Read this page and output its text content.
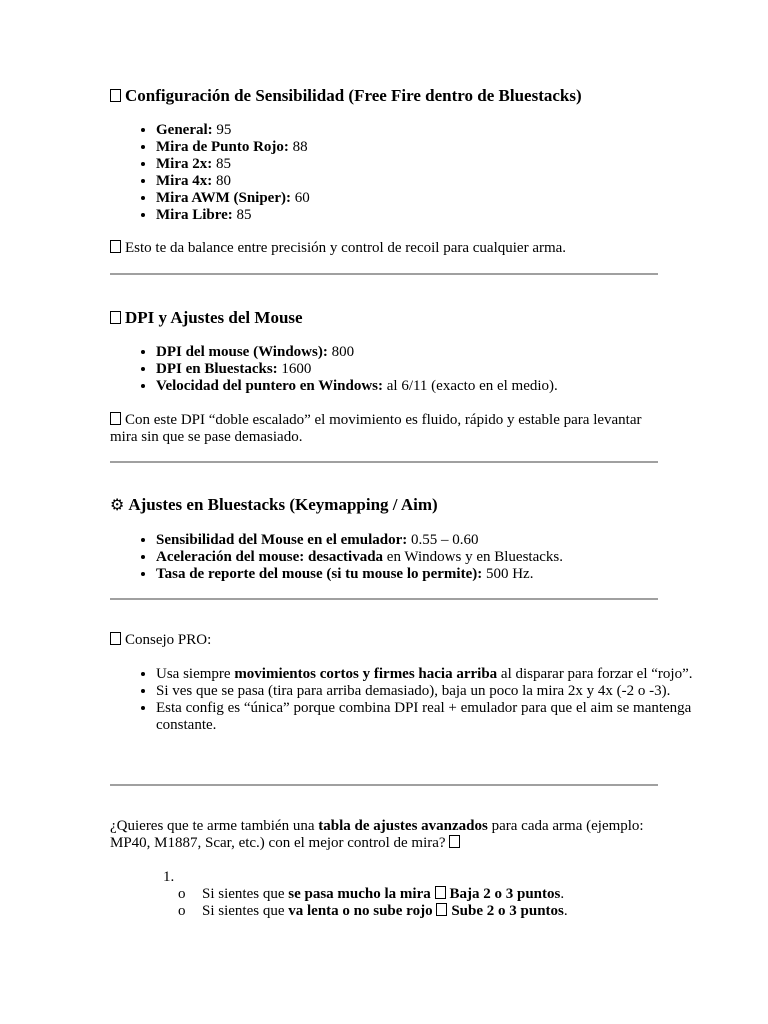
Configuración de Sensibilidad (Free Fire dentro de Bluestacks)
• General: 95
• Mira de Punto Rojo: 88
• Mira 2x: 85
• Mira 4x: 80
• Mira AWM (Sniper): 60
• Mira Libre: 85

Esto te da balance entre precisión y control de recoil para cualquier arma.

DPI y Ajustes del Mouse
• DPI del mouse (Windows): 800
• DPI en Bluestacks: 1600
• Velocidad del puntero en Windows: al 6/11 (exacto en el medio).

Con este DPI “doble escalado” el movimiento es fluido, rápido y estable para levantar mira sin que se pase demasiado.

⚙ Ajustes en Bluestacks (Keymapping / Aim)
• Sensibilidad del Mouse en el emulador: 0.55 – 0.60
• Aceleración del mouse: desactivada en Windows y en Bluestacks.
• Tasa de reporte del mouse (si tu mouse lo permite): 500 Hz.

Consejo PRO:

• Usa siempre movimientos cortos y firmes hacia arriba al disparar para forzar el “rojo”.
• Si ves que se pasa (tira para arriba demasiado), baja un poco la mira 2x y 4x (-2 o -3).
• Esta config es “única” porque combina DPI real + emulador para que el aim se mantenga constante.

¿Quieres que te arme también una tabla de ajustes avanzados para cada arma (ejemplo: MP40, M1887, Scar, etc.) con el mejor control de mira?

1.
o Si sientes que se pasa mucho la mira Baja 2 o 3 puntos.
o Si sientes que va lenta o no sube rojo Sube 2 o 3 puntos.
